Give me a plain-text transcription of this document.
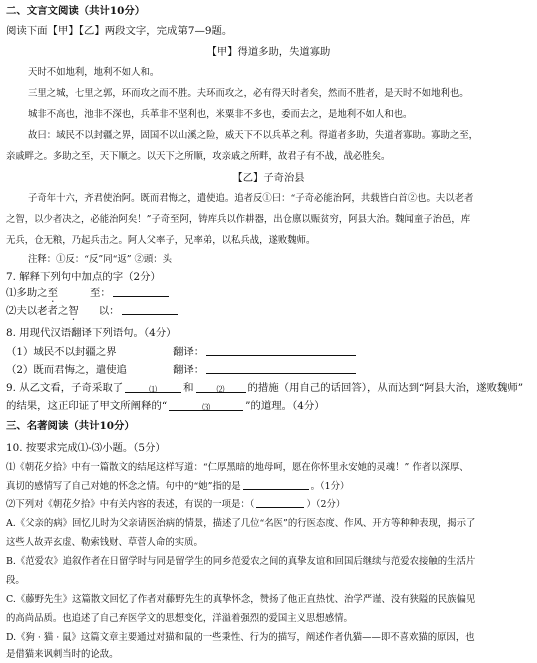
二、文言文阅读（共计10分）
阅读下面【甲】【乙】两段文字，完成第7—9题。
【甲】得道多助，失道寡助
天时不如地利，地利不如人和。
三里之城，七里之郭，环而攻之而不胜。夫环而攻之，必有得天时者矣，然而不胜者，是天时不如地利也。
城非不高也，池非不深也，兵革非不坚利也，米粟非不多也，委而去之，是地利不如人和也。
故曰：域民不以封疆之界，固国不以山溪之险，威天下不以兵革之利。得道者多助，失道者寡助。寡助之至，
亲戚畔之。多助之至，天下顺之。以天下之所顺，攻亲戚之所畔，故君子有不战，战必胜矣。
【乙】子奇治县
子奇年十六，齐君使治阿。既而君悔之，遣使追。追者反①曰：“子奇必能治阿，共载皆白首②也。夫以老者
之智，以少者决之，必能治阿矣！”子奇至阿，铸库兵以作耕器，出仓廪以赈贫穷，阿县大治。魏闻童子治邑，库
无兵，仓无粮，乃起兵击之。阿人父率子，兄率弟，以私兵战，遂败魏师。
注释：①反：“反”同“返” ②頭：头
7. 解释下列句中加点的字（2分）
⑴多助之至	至：
⑵夫以老者之智 以：
8. 用现代汉语翻译下列语句。（4分）
（1）域民不以封疆之界	翻译：
（2）既而君悔之，遣使追	翻译：
9. 从乙文看，子奇采取了	⑴	和	⑵ 的措施（用自己的话回答），从而达到“阿县大治，遂败魏师”
的结果，这正印证了甲文所阐释的“	⑶	”的道理。（4分）
三、名著阅读（共计10分）
10. 按要求完成⑴-⑶小题。（5分）
⑴《朝花夕拾》中有一篇散文的结尾这样写道：“仁厚黑暗的地母呵，愿在你怀里永安她的灵魂！” 作者以深厚、
真切的感情写了自己对她的怀念之情。句中的“她”指的是	。（1分）
⑵下列对《朝花夕拾》中有关内容的表述，有误的一项是：（	）（2分）
A.《父亲的病》回忆儿时为父亲请医治病的情景，描述了几位“名医”的行医态度、作风、开方等种种表现，揭示了
这些人故弄玄虚、勒索钱财、草菅人命的实质。
B.《范爱农》追叙作者在日留学时与同是留学生的同乡范爱农之间的真挚友谊和回国后继续与范爱农接触的生活片
段。
C.《藤野先生》这篇散文回忆了作者对藤野先生的真挚怀念，赞扬了他正直热忱、治学严谨、没有狭隘的民族偏见
的高尚品质。也追述了自己弃医学文的思想变化，洋溢着强烈的爱国主义思想感情。
D.《狗 · 猫 · 鼠》这篇文章主要通过对猫和鼠的一些秉性、行为的描写，阐述作者仇猫——即不喜欢猫的原因，也
是借猫来讽刺当时的论敌。
